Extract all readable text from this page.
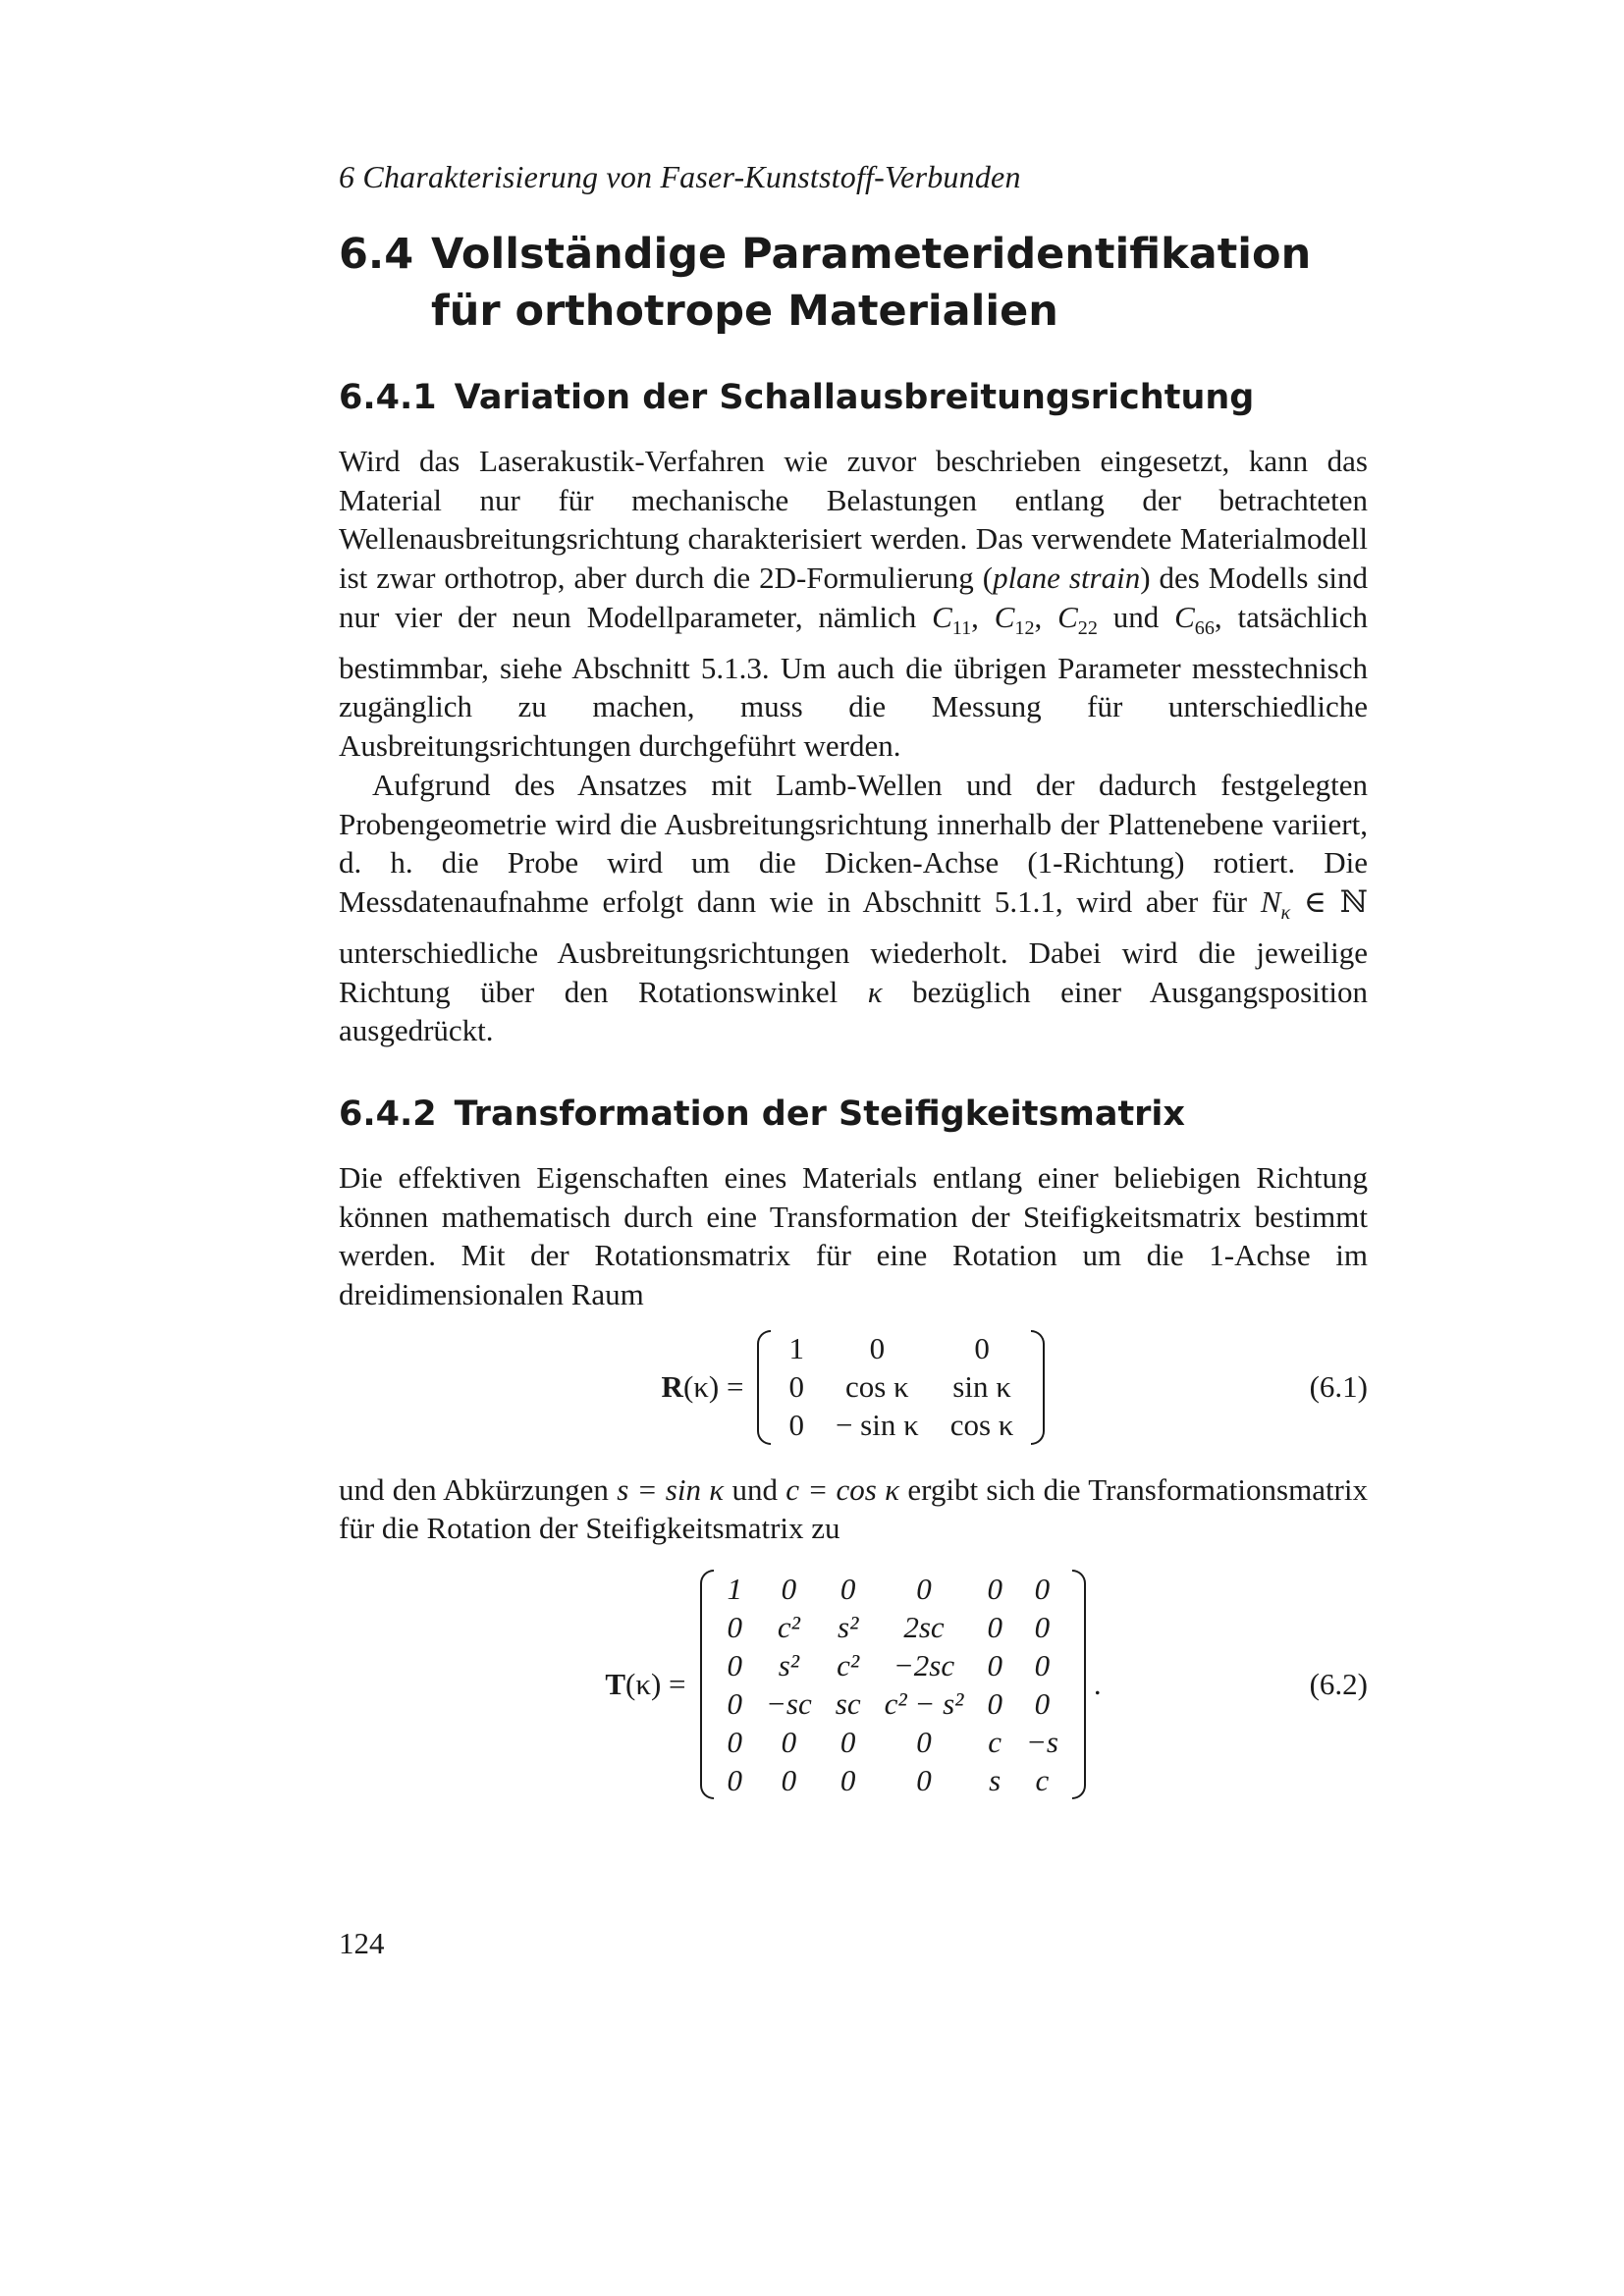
6 Charakterisierung von Faser-Kunststoff-Verbunden
6.4 Vollständige Parameteridentifikation für orthotrope Materialien
6.4.1 Variation der Schallausbreitungsrichtung

Wird das Laserakustik-Verfahren wie zuvor beschrieben eingesetzt, kann das Material nur für mechanische Belastungen entlang der betrachteten Wellenausbreitungsrichtung charakterisiert werden. Das verwendete Materialmodell ist zwar orthotrop, aber durch die 2D-Formulierung (plane strain) des Modells sind nur vier der neun Modellparameter, nämlich $C_{11}$, $C_{12}$, $C_{22}$ und $C_{66}$, tatsächlich bestimmbar, siehe Abschnitt 5.1.3. Um auch die übrigen Parameter messtechnisch zugänglich zu machen, muss die Messung für unterschiedliche Ausbreitungsrichtungen durchgeführt werden.

Aufgrund des Ansatzes mit Lamb-Wellen und der dadurch festgelegten Probengeometrie wird die Ausbreitungsrichtung innerhalb der Plattenebene variiert, d. h. die Probe wird um die Dicken-Achse (1-Richtung) rotiert. Die Messdatenaufnahme erfolgt dann wie in Abschnitt 5.1.1, wird aber für $N_\kappa$ ∈ ℕ unterschiedliche Ausbreitungsrichtungen wiederholt. Dabei wird die jeweilige Richtung über den Rotationswinkel κ bezüglich einer Ausgangsposition ausgedrückt.

6.4.2 Transformation der Steifigkeitsmatrix

Die effektiven Eigenschaften eines Materials entlang einer beliebigen Richtung können mathematisch durch eine Transformation der Steifigkeitsmatrix bestimmt werden. Mit der Rotationsmatrix für eine Rotation um die 1-Achse im dreidimensionalen Raum

R(κ) =
1	0	0
0	cos κ	sin κ
0	− sin κ	cos κ
(6.1)

und den Abkürzungen s = sin κ und c = cos κ ergibt sich die Transformationsmatrix für die Rotation der Steifigkeitsmatrix zu

T(κ) =
1	0	0	0	0	0
0	c²	s²	2sc	0	0
0	s²	c²	−2sc	0	0
0	−sc	sc	c² − s²	0	0
0	0	0	0	c	−s
0	0	0	0	s	c
.	(6.2)
124
